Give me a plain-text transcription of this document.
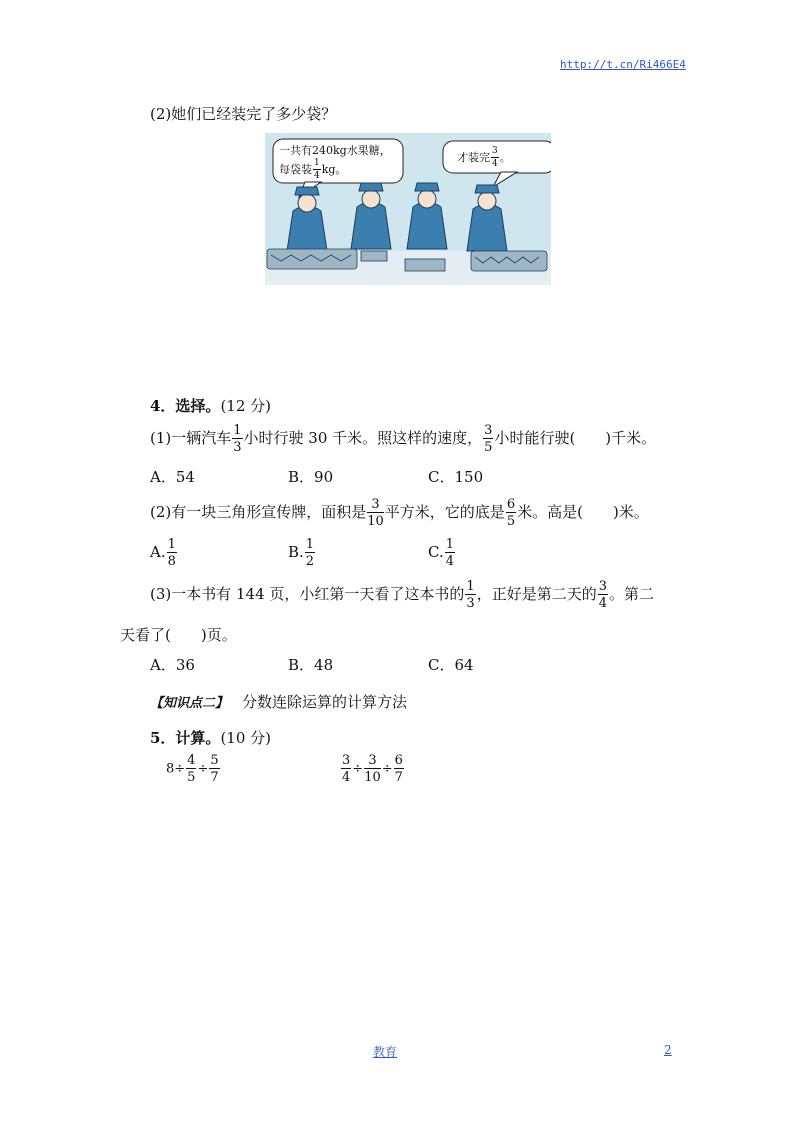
http://t.cn/Ri466E4
(2)她们已经装完了多少袋？
一共有240kg水果糖，
每袋装 $\frac{1}{4}$ kg。
才装完 $\frac{3}{4}$ 。
4．选择。(12 分)
(1)一辆汽车 $\frac{1}{3}$ 小时行驶 30 千米。照这样的速度， $\frac{3}{5}$ 小时能行驶(　　)千米。
A．54	B．90	C．150
(2)有一块三角形宣传牌，面积是 $\frac{3}{10}$ 平方米，它的底是 $\frac{6}{5}$ 米。高是(　　)米。
A. $\frac{1}{8}$	B. $\frac{1}{2}$	C. $\frac{1}{4}$
(3)一本书有 144 页，小红第一天看了这本书的 $\frac{1}{3}$ ，正好是第二天的 $\frac{3}{4}$ 。第二
天看了(　　)页。
A．36	B．48	C．64
【知识点二】 分数连除运算的计算方法
5．计算。(10 分)
$8\div \frac{4}{5} \div \frac{5}{7}$	$\frac{3}{4} \div \frac{3}{10} \div \frac{6}{7}$
教育	2
